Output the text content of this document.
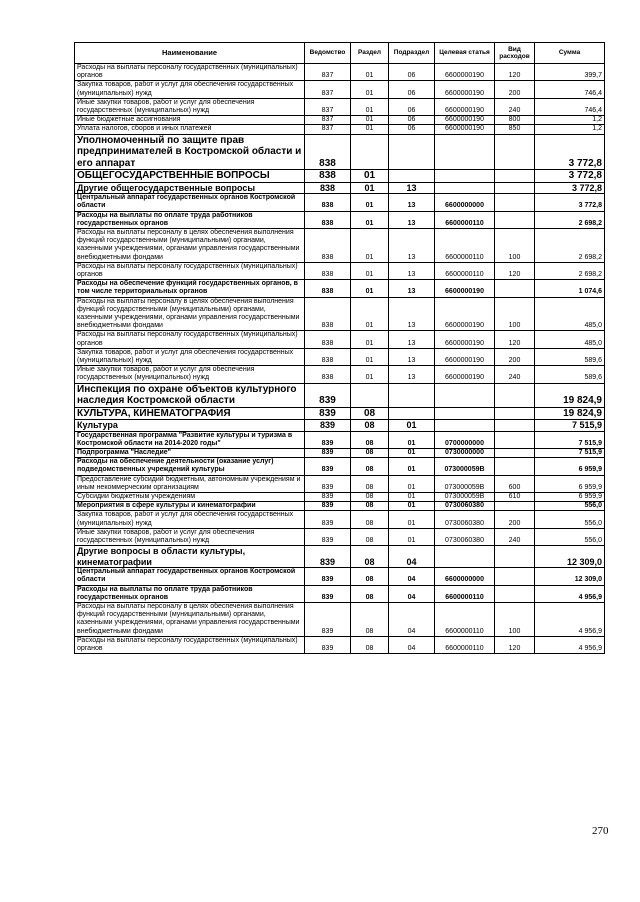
Наименование	Ведомство	Раздел	Подраздел	Целевая статья	Вид расходов	Сумма
Расходы на выплаты персоналу государственных (муниципальных) органов	837	01	06	6600000190	120	399,7
Закупка товаров, работ и услуг для обеспечения государственных (муниципальных) нужд	837	01	06	6600000190	200	746,4
Иные закупки товаров, работ и услуг для обеспечения государственных (муниципальных) нужд	837	01	06	6600000190	240	746,4
Иные бюджетные ассигнования	837	01	06	6600000190	800	1,2
Уплата налогов, сборов и иных платежей	837	01	06	6600000190	850	1,2
Уполномоченный по защите прав предпринимателей в Костромской области и его аппарат	838					3 772,8
ОБЩЕГОСУДАРСТВЕННЫЕ ВОПРОСЫ	838	01				3 772,8
Другие общегосударственные вопросы	838	01	13			3 772,8
Центральный аппарат государственных органов Костромской области	838	01	13	6600000000		3 772,8
Расходы на выплаты по оплате труда работников государственных органов	838	01	13	6600000110		2 698,2
Расходы на выплаты персоналу в целях обеспечения выполнения функций государственными (муниципальными) органами, казенными учреждениями, органами управления государственными внебюджетными фондами	838	01	13	6600000110	100	2 698,2
Расходы на выплаты персоналу государственных (муниципальных) органов	838	01	13	6600000110	120	2 698,2
Расходы на обеспечение функций государственных органов, в том числе территориальных органов	838	01	13	6600000190		1 074,6
Расходы на выплаты персоналу в целях обеспечения выполнения функций государственными (муниципальными) органами, казенными учреждениями, органами управления государственными внебюджетными фондами	838	01	13	6600000190	100	485,0
Расходы на выплаты персоналу государственных (муниципальных) органов	838	01	13	6600000190	120	485,0
Закупка товаров, работ и услуг для обеспечения государственных (муниципальных) нужд	838	01	13	6600000190	200	589,6
Иные закупки товаров, работ и услуг для обеспечения государственных (муниципальных) нужд	838	01	13	6600000190	240	589,6
Инспекция по охране объектов культурного наследия Костромской области	839					19 824,9
КУЛЬТУРА, КИНЕМАТОГРАФИЯ	839	08				19 824,9
Культура	839	08	01			7 515,9
Государственная программа "Развитие культуры и туризма в Костромской области на 2014-2020 годы"	839	08	01	0700000000		7 515,9
Подпрограмма "Наследие"	839	08	01	0730000000		7 515,9
Расходы на обеспечение деятельности (оказание услуг) подведомственных учреждений культуры	839	08	01	073000059В		6 959,9
Предоставление субсидий бюджетным, автономным учреждениям и иным некоммерческим организациям	839	08	01	073000059В	600	6 959,9
Субсидии бюджетным учреждениям	839	08	01	073000059В	610	6 959,9
Мероприятия в сфере культуры и кинематографии	839	08	01	0730060380		556,0
Закупка товаров, работ и услуг для обеспечения государственных (муниципальных) нужд	839	08	01	0730060380	200	556,0
Иные закупки товаров, работ и услуг для обеспечения государственных (муниципальных) нужд	839	08	01	0730060380	240	556,0
Другие вопросы в области культуры, кинематографии	839	08	04			12 309,0
Центральный аппарат государственных органов Костромской области	839	08	04	6600000000		12 309,0
Расходы на выплаты по оплате труда работников государственных органов	839	08	04	6600000110		4 956,9
Расходы на выплаты персоналу в целях обеспечения выполнения функций государственными (муниципальными) органами, казенными учреждениями, органами управления государственными внебюджетными фондами	839	08	04	6600000110	100	4 956,9
Расходы на выплаты персоналу государственных (муниципальных) органов	839	08	04	6600000110	120	4 956,9
270
